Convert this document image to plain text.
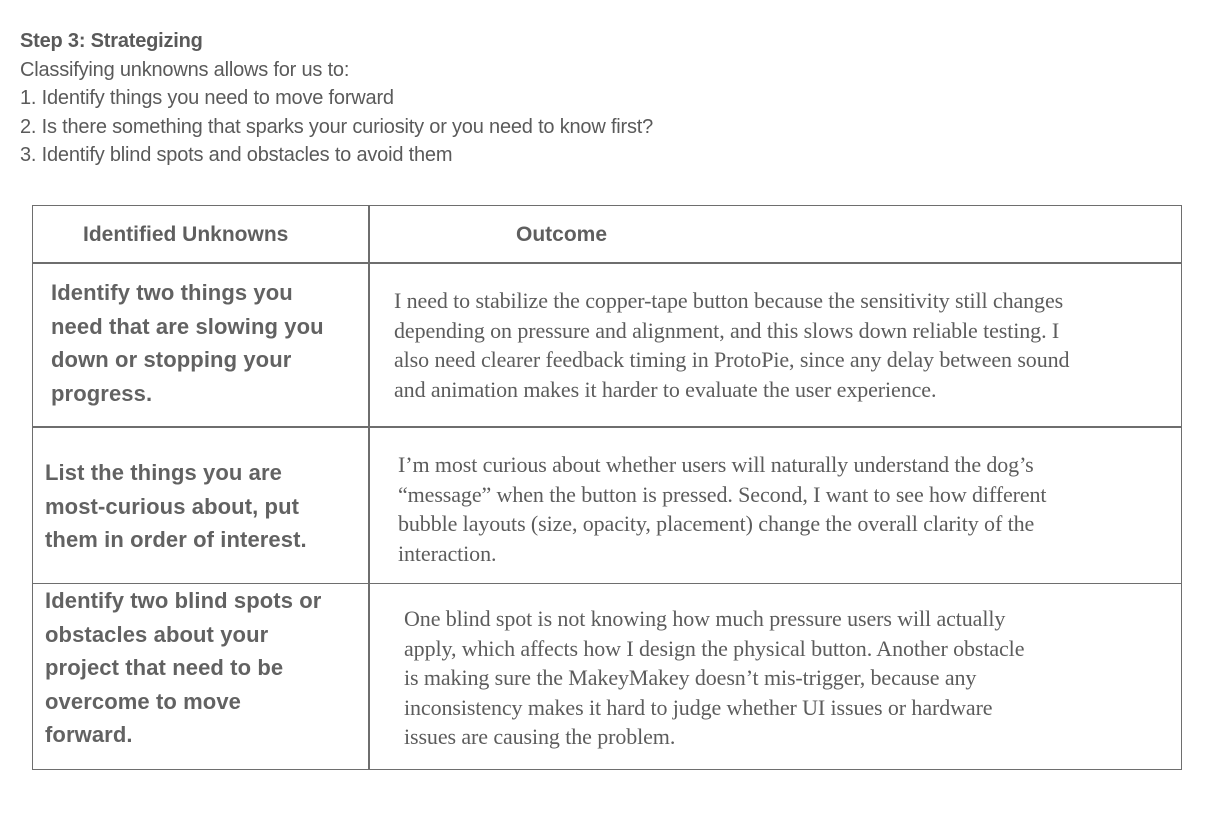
Step 3: Strategizing
Classifying unknowns allows for us to:
1. Identify things you need to move forward
2. Is there something that sparks your curiosity or you need to know first?
3. Identify blind spots and obstacles to avoid them
Identified Unknowns	Outcome
Identify two things you
need that are slowing you
down or stopping your
progress.
I need to stabilize the copper-tape button because the sensitivity still changes
depending on pressure and alignment, and this slows down reliable testing. I
also need clearer feedback timing in ProtoPie, since any delay between sound
and animation makes it harder to evaluate the user experience.
List the things you are
most-curious about, put
them in order of interest.
I’m most curious about whether users will naturally understand the dog’s
“message” when the button is pressed. Second, I want to see how different
bubble layouts (size, opacity, placement) change the overall clarity of the
interaction.
Identify two blind spots or
obstacles about your
project that need to be
overcome to move
forward.
One blind spot is not knowing how much pressure users will actually
apply, which affects how I design the physical button. Another obstacle
is making sure the MakeyMakey doesn’t mis-trigger, because any
inconsistency makes it hard to judge whether UI issues or hardware
issues are causing the problem.
